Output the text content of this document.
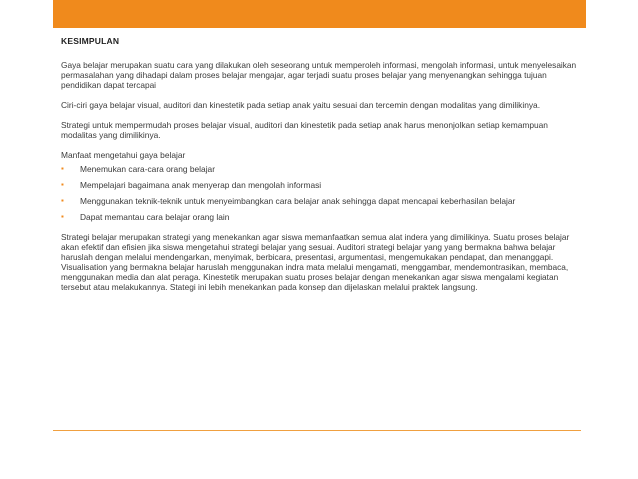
KESIMPULAN

Gaya belajar merupakan suatu cara yang dilakukan oleh seseorang untuk memperoleh informasi, mengolah informasi, untuk menyelesaikan permasalahan yang dihadapi dalam proses belajar mengajar, agar terjadi suatu proses belajar yang menyenangkan sehingga tujuan pendidikan dapat tercapai

Ciri-ciri gaya belajar visual, auditori dan kinestetik pada setiap anak yaitu sesuai dan tercemin dengan modalitas yang dimilikinya.

Strategi untuk mempermudah proses belajar visual, auditori dan kinestetik pada setiap anak harus menonjolkan setiap kemampuan modalitas yang dimilikinya.

Manfaat mengetahui gaya belajar

▪ Menemukan cara-cara orang belajar
▪ Mempelajari bagaimana anak menyerap dan mengolah informasi
▪ Menggunakan teknik-teknik untuk menyeimbangkan cara belajar anak sehingga dapat mencapai keberhasilan belajar
▪ Dapat memantau cara belajar orang lain

Strategi belajar merupakan strategi yang menekankan agar siswa memanfaatkan semua alat indera yang dimilikinya. Suatu proses belajar akan efektif dan efisien jika siswa mengetahui strategi belajar yang sesuai. Auditori strategi belajar yang yang bermakna bahwa belajar haruslah dengan melalui mendengarkan, menyimak, berbicara, presentasi, argumentasi, mengemukakan pendapat, dan menanggapi. Visualisation yang bermakna belajar haruslah menggunakan indra mata melalui mengamati, menggambar, mendemontrasikan, membaca, menggunakan media dan alat peraga. Kinestetik merupakan suatu proses belajar dengan menekankan agar siswa mengalami kegiatan tersebut atau melakukannya. Stategi ini lebih menekankan pada konsep dan dijelaskan melalui praktek langsung.
